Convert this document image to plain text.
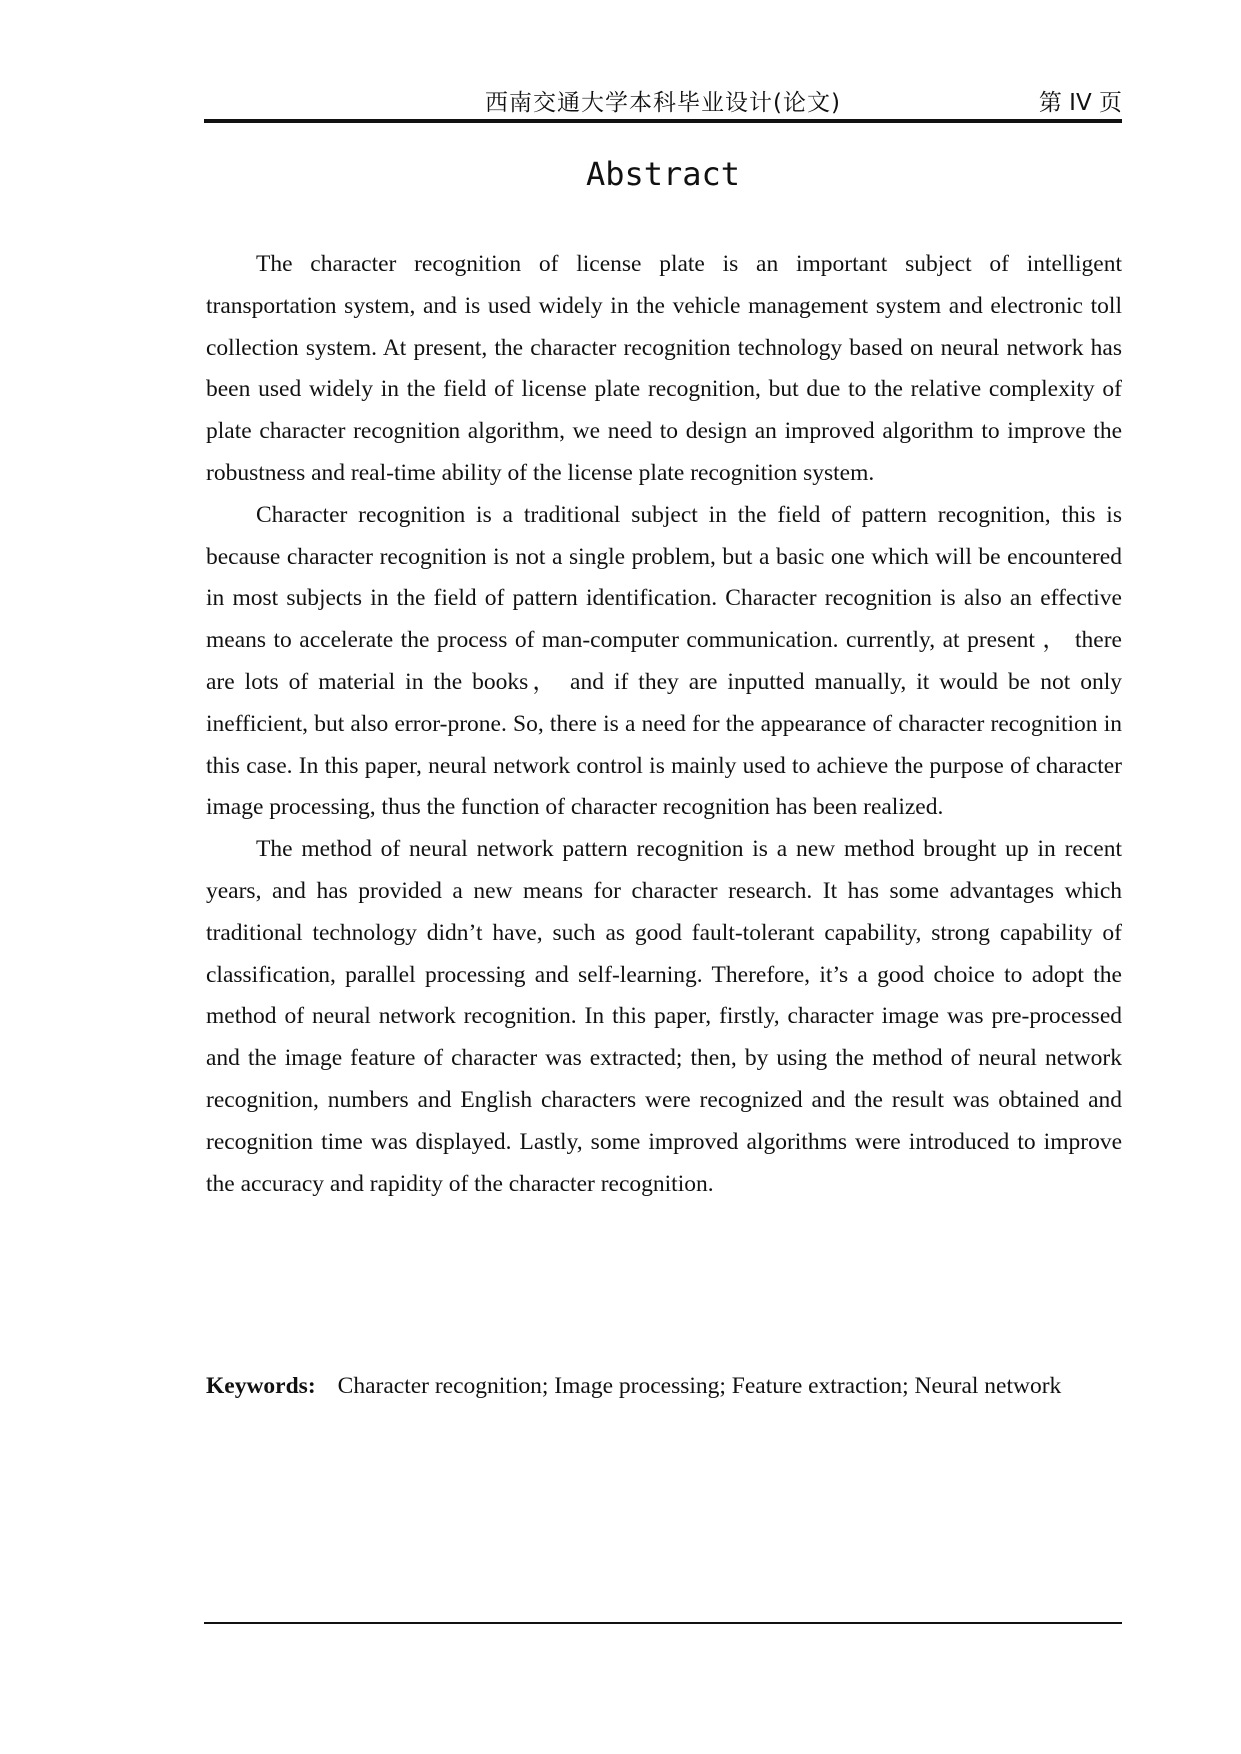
西南交通大学本科毕业设计(论文)	第 IV 页
Abstract

The character recognition of license plate is an important subject of intelligent transportation system, and is used widely in the vehicle management system and electronic toll collection system. At present, the character recognition technology based on neural network has been used widely in the field of license plate recognition, but due to the relative complexity of plate character recognition algorithm, we need to design an improved algorithm to improve the robustness and real-time ability of the license plate recognition system.

Character recognition is a traditional subject in the field of pattern recognition, this is because character recognition is not a single problem, but a basic one which will be encountered in most subjects in the field of pattern identification. Character recognition is also an effective means to accelerate the process of man-computer communication. currently, at present ， there are lots of material in the books， and if they are inputted manually, it would be not only inefficient, but also error-prone. So, there is a need for the appearance of character recognition in this case. In this paper, neural network control is mainly used to achieve the purpose of character image processing, thus the function of character recognition has been realized.

The method of neural network pattern recognition is a new method brought up in recent years, and has provided a new means for character research. It has some advantages which traditional technology didn’t have, such as good fault-tolerant capability, strong capability of classification, parallel processing and self-learning. Therefore, it’s a good choice to adopt the method of neural network recognition. In this paper, firstly, character image was pre-processed and the image feature of character was extracted; then, by using the method of neural network recognition, numbers and English characters were recognized and the result was obtained and recognition time was displayed. Lastly, some improved algorithms were introduced to improve the accuracy and rapidity of the character recognition.

Keywords: Character recognition; Image processing; Feature extraction; Neural network
